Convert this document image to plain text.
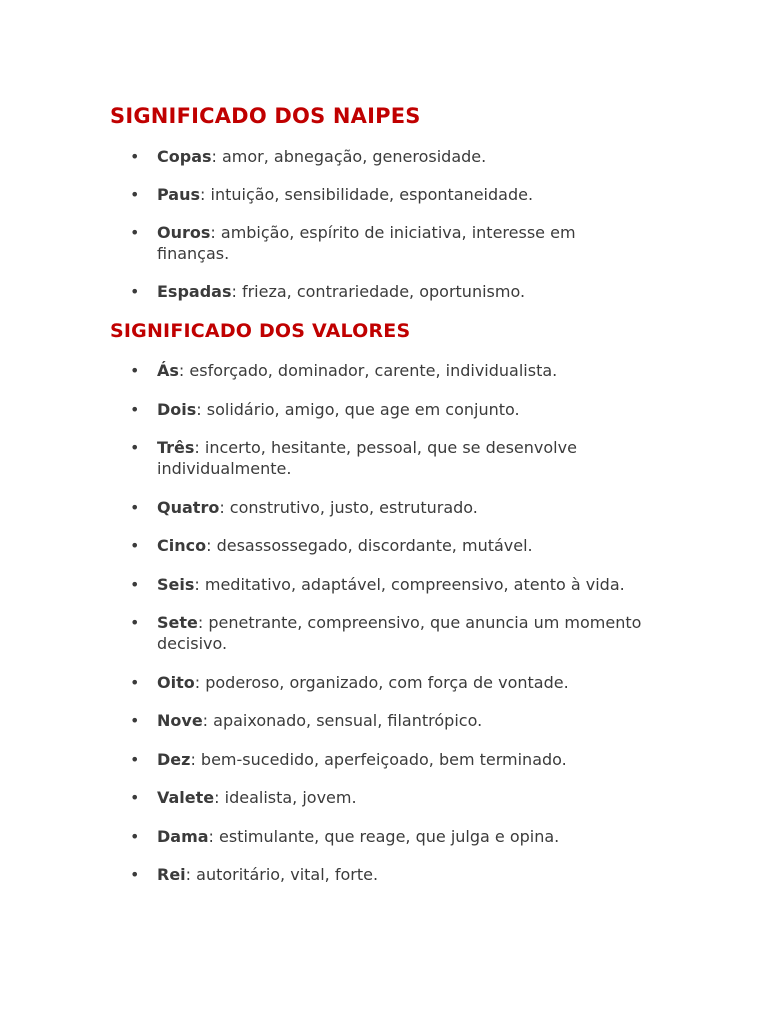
SIGNIFICADO DOS NAIPES
• Copas: amor, abnegação, generosidade.
• Paus: intuição, sensibilidade, espontaneidade.
• Ouros: ambição, espírito de iniciativa, interesse em finanças.
• Espadas: frieza, contrariedade, oportunismo.
SIGNIFICADO DOS VALORES
• Ás: esforçado, dominador, carente, individualista.
• Dois: solidário, amigo, que age em conjunto.
• Três: incerto, hesitante, pessoal, que se desenvolve individualmente.
• Quatro: construtivo, justo, estruturado.
• Cinco: desassossegado, discordante, mutável.
• Seis: meditativo, adaptável, compreensivo, atento à vida.
• Sete: penetrante, compreensivo, que anuncia um momento decisivo.
• Oito: poderoso, organizado, com força de vontade.
• Nove: apaixonado, sensual, filantrópico.
• Dez: bem-sucedido, aperfeiçoado, bem terminado.
• Valete: idealista, jovem.
• Dama: estimulante, que reage, que julga e opina.
• Rei: autoritário, vital, forte.
